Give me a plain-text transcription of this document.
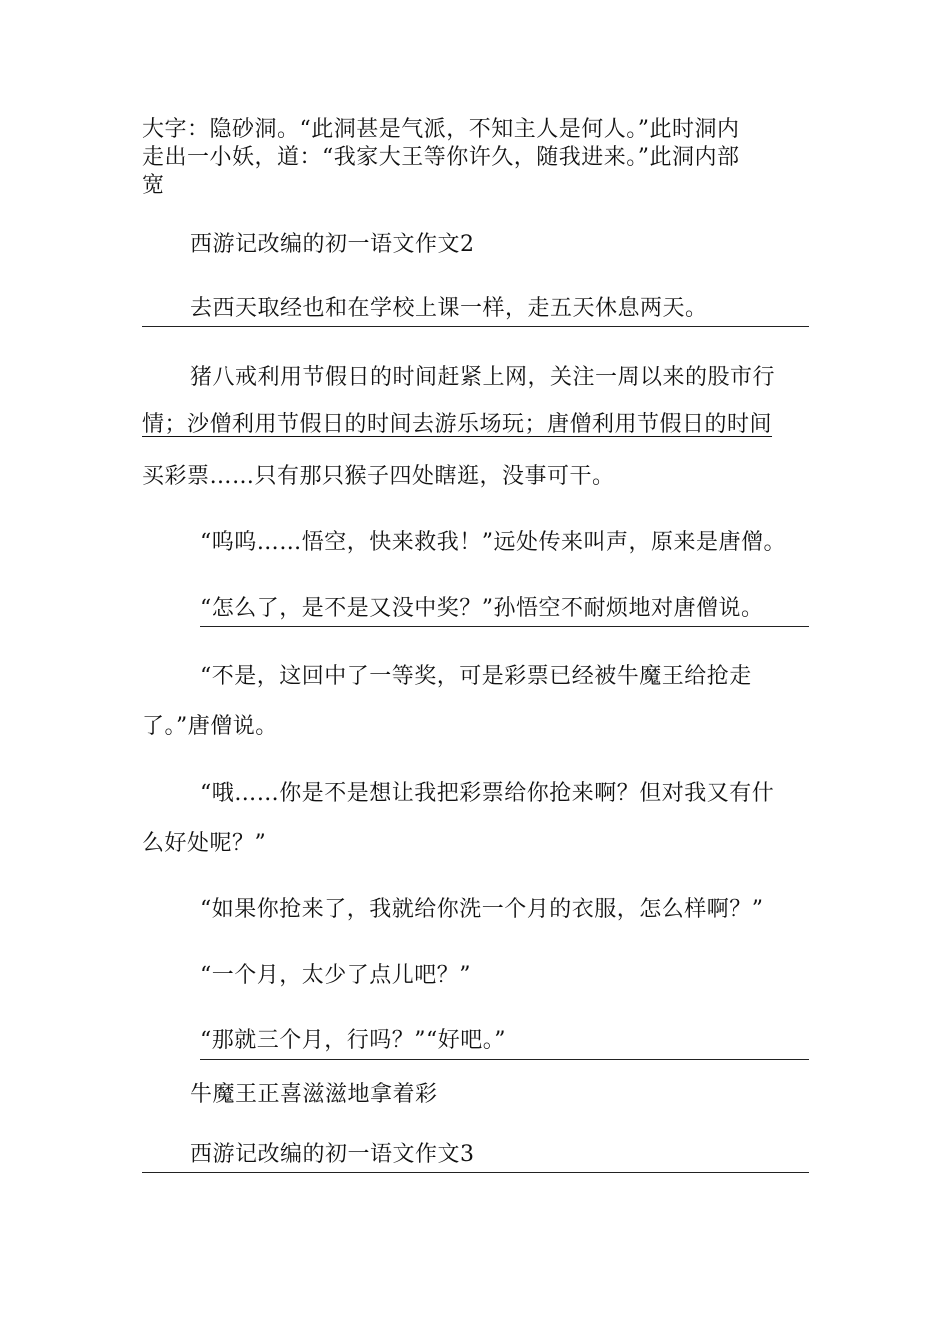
大字：隐砂洞。“此洞甚是气派，不知主人是何人。”此时洞内
走出一小妖，道：“我家大王等你许久，随我进来。”此洞内部
宽
西游记改编的初一语文作文2
去西天取经也和在学校上课一样，走五天休息两天。
猪八戒利用节假日的时间赶紧上网，关注一周以来的股市行
情；沙僧利用节假日的时间去游乐场玩；唐僧利用节假日的时间
买彩票……只有那只猴子四处瞎逛，没事可干。
“呜呜……悟空，快来救我！”远处传来叫声，原来是唐僧。
“怎么了，是不是又没中奖？”孙悟空不耐烦地对唐僧说。
“不是，这回中了一等奖，可是彩票已经被牛魔王给抢走
了。”唐僧说。
“哦……你是不是想让我把彩票给你抢来啊？但对我又有什
么好处呢？”
“如果你抢来了，我就给你洗一个月的衣服，怎么样啊？”
“一个月，太少了点儿吧？”
“那就三个月，行吗？”“好吧。”
牛魔王正喜滋滋地拿着彩
西游记改编的初一语文作文3
